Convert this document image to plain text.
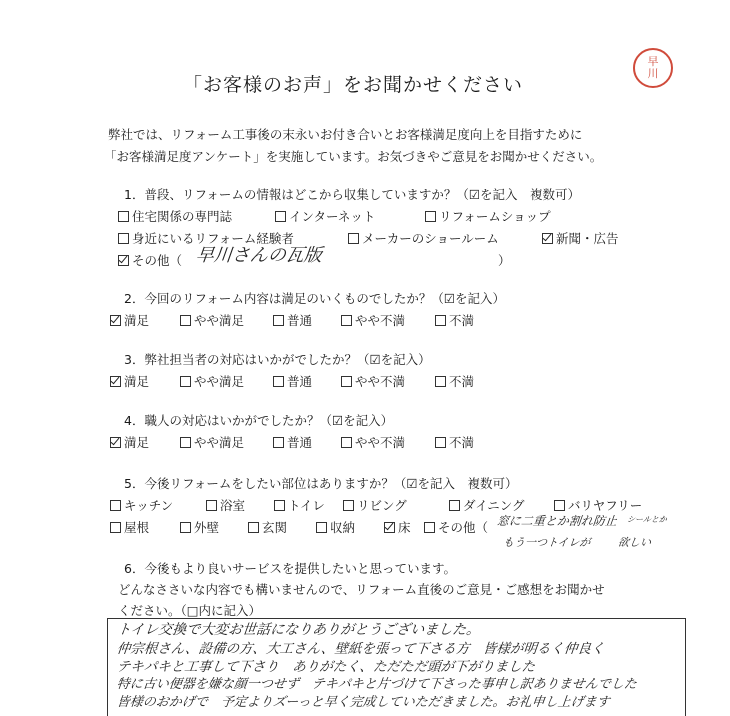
早
川
「お客様のお声」をお聞かせください
弊社では、リフォーム工事後の末永いお付き合いとお客様満足度向上を目指すために
「お客様満足度アンケート」を実施しています。お気づきやご意見をお聞かせください。
1．普段、リフォームの情報はどこから収集していますか？（☑を記入　複数可）
住宅関係の専門誌	インターネット	リフォームショップ
身近にいるリフォーム経験者	メーカーのショールーム	新聞・広告
その他（ 早川さんの瓦版	）
2．今回のリフォーム内容は満足のいくものでしたか？（☑を記入）
満足	やや満足	普通	やや不満	不満
3．弊社担当者の対応はいかがでしたか？（☑を記入）
満足	やや満足	普通	やや不満	不満
4．職人の対応はいかがでしたか？（☑を記入）
満足	やや満足	普通	やや不満	不満
5．今後リフォームをしたい部位はありますか？（☑を記入　複数可）
キッチン	浴室	トイレ	リビング	ダイニング	バリヤフリー
屋根	外壁	玄関	収納	床	その他（ 窓に二重とか割れ防止 シールとか
もう一つトイレが 欲しい
6．今後もより良いサービスを提供したいと思っています。
どんなささいな内容でも構いませんので、リフォーム直後のご意見・ご感想をお聞かせ
ください。（□内に記入）
トイレ交換で大変お世話になりありがとうございました。
仲宗根さん、設備の方、大工さん、壁紙を張って下さる方　皆様が明るく仲良く
テキパキと工事して下さり　ありがたく、ただただ頭が下がりました
特に古い便器を嫌な顔一つせず　テキパキと片づけて下さった事申し訳ありませんでした
皆様のおかげで　予定よりズーっと早く完成していただきました。お礼申し上げます
